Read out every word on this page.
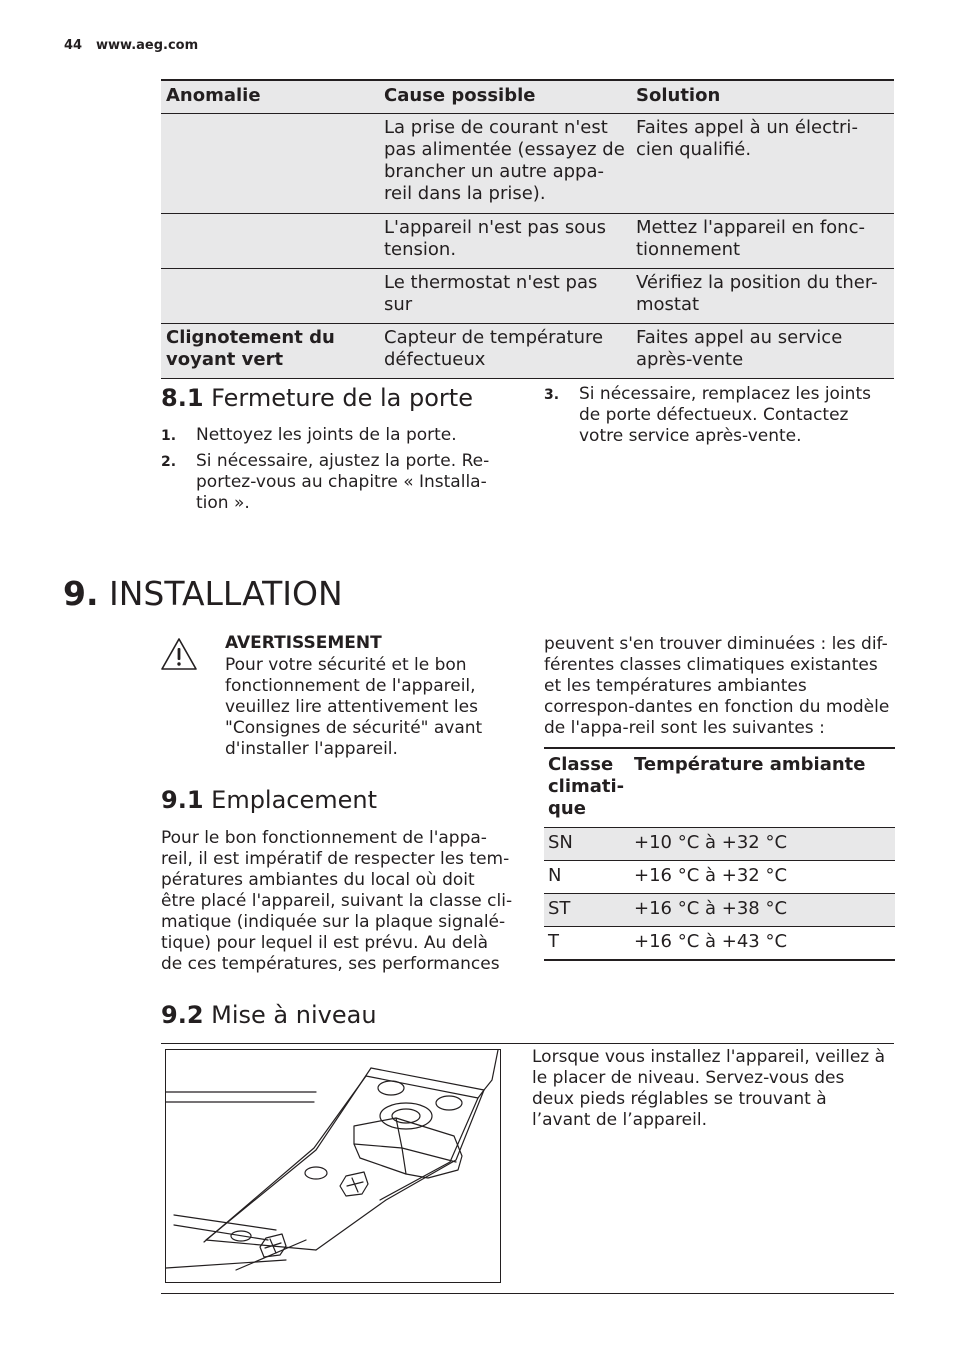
44 www.aeg.com
Anomalie	Cause possible	Solution
	La prise de courant n'est pas alimentée (essayez de brancher un autre appa-reil dans la prise).	Faites appel à un électri-cien qualifié.
	L'appareil n'est pas sous tension.	Mettez l'appareil en fonc-tionnement
	Le thermostat n'est pas sur	Vérifiez la position du ther-mostat
Clignotement du voyant vert	Capteur de température défectueux	Faites appel au service après-vente
8.1 Fermeture de la porte
1. Nettoyez les joints de la porte.
2. Si nécessaire, ajustez la porte. Re-portez-vous au chapitre « Installa-tion ».
3. Si nécessaire, remplacez les joints de porte défectueux. Contactez votre service après-vente.
9. INSTALLATION
AVERTISSEMENT
Pour votre sécurité et le bon fonctionnement de l'appareil, veuillez lire attentivement les "Consignes de sécurité" avant d'installer l'appareil.
9.1 Emplacement
Pour le bon fonctionnement de l'appa-reil, il est impératif de respecter les tem-pératures ambiantes du local où doit être placé l'appareil, suivant la classe cli-matique (indiquée sur la plaque signalé-tique) pour lequel il est prévu. Au delà de ces températures, ses performances
peuvent s'en trouver diminuées : les dif-férentes classes climatiques existantes et les températures ambiantes correspon-dantes en fonction du modèle de l'appa-reil sont les suivantes :
Classe climati-que	Température ambiante
SN	+10 °C à +32 °C
N	+16 °C à +32 °C
ST	+16 °C à +38 °C
T	+16 °C à +43 °C
9.2 Mise à niveau
Lorsque vous installez l'appareil, veillez à le placer de niveau. Servez-vous des deux pieds réglables se trouvant à l’avant de l’appareil.
